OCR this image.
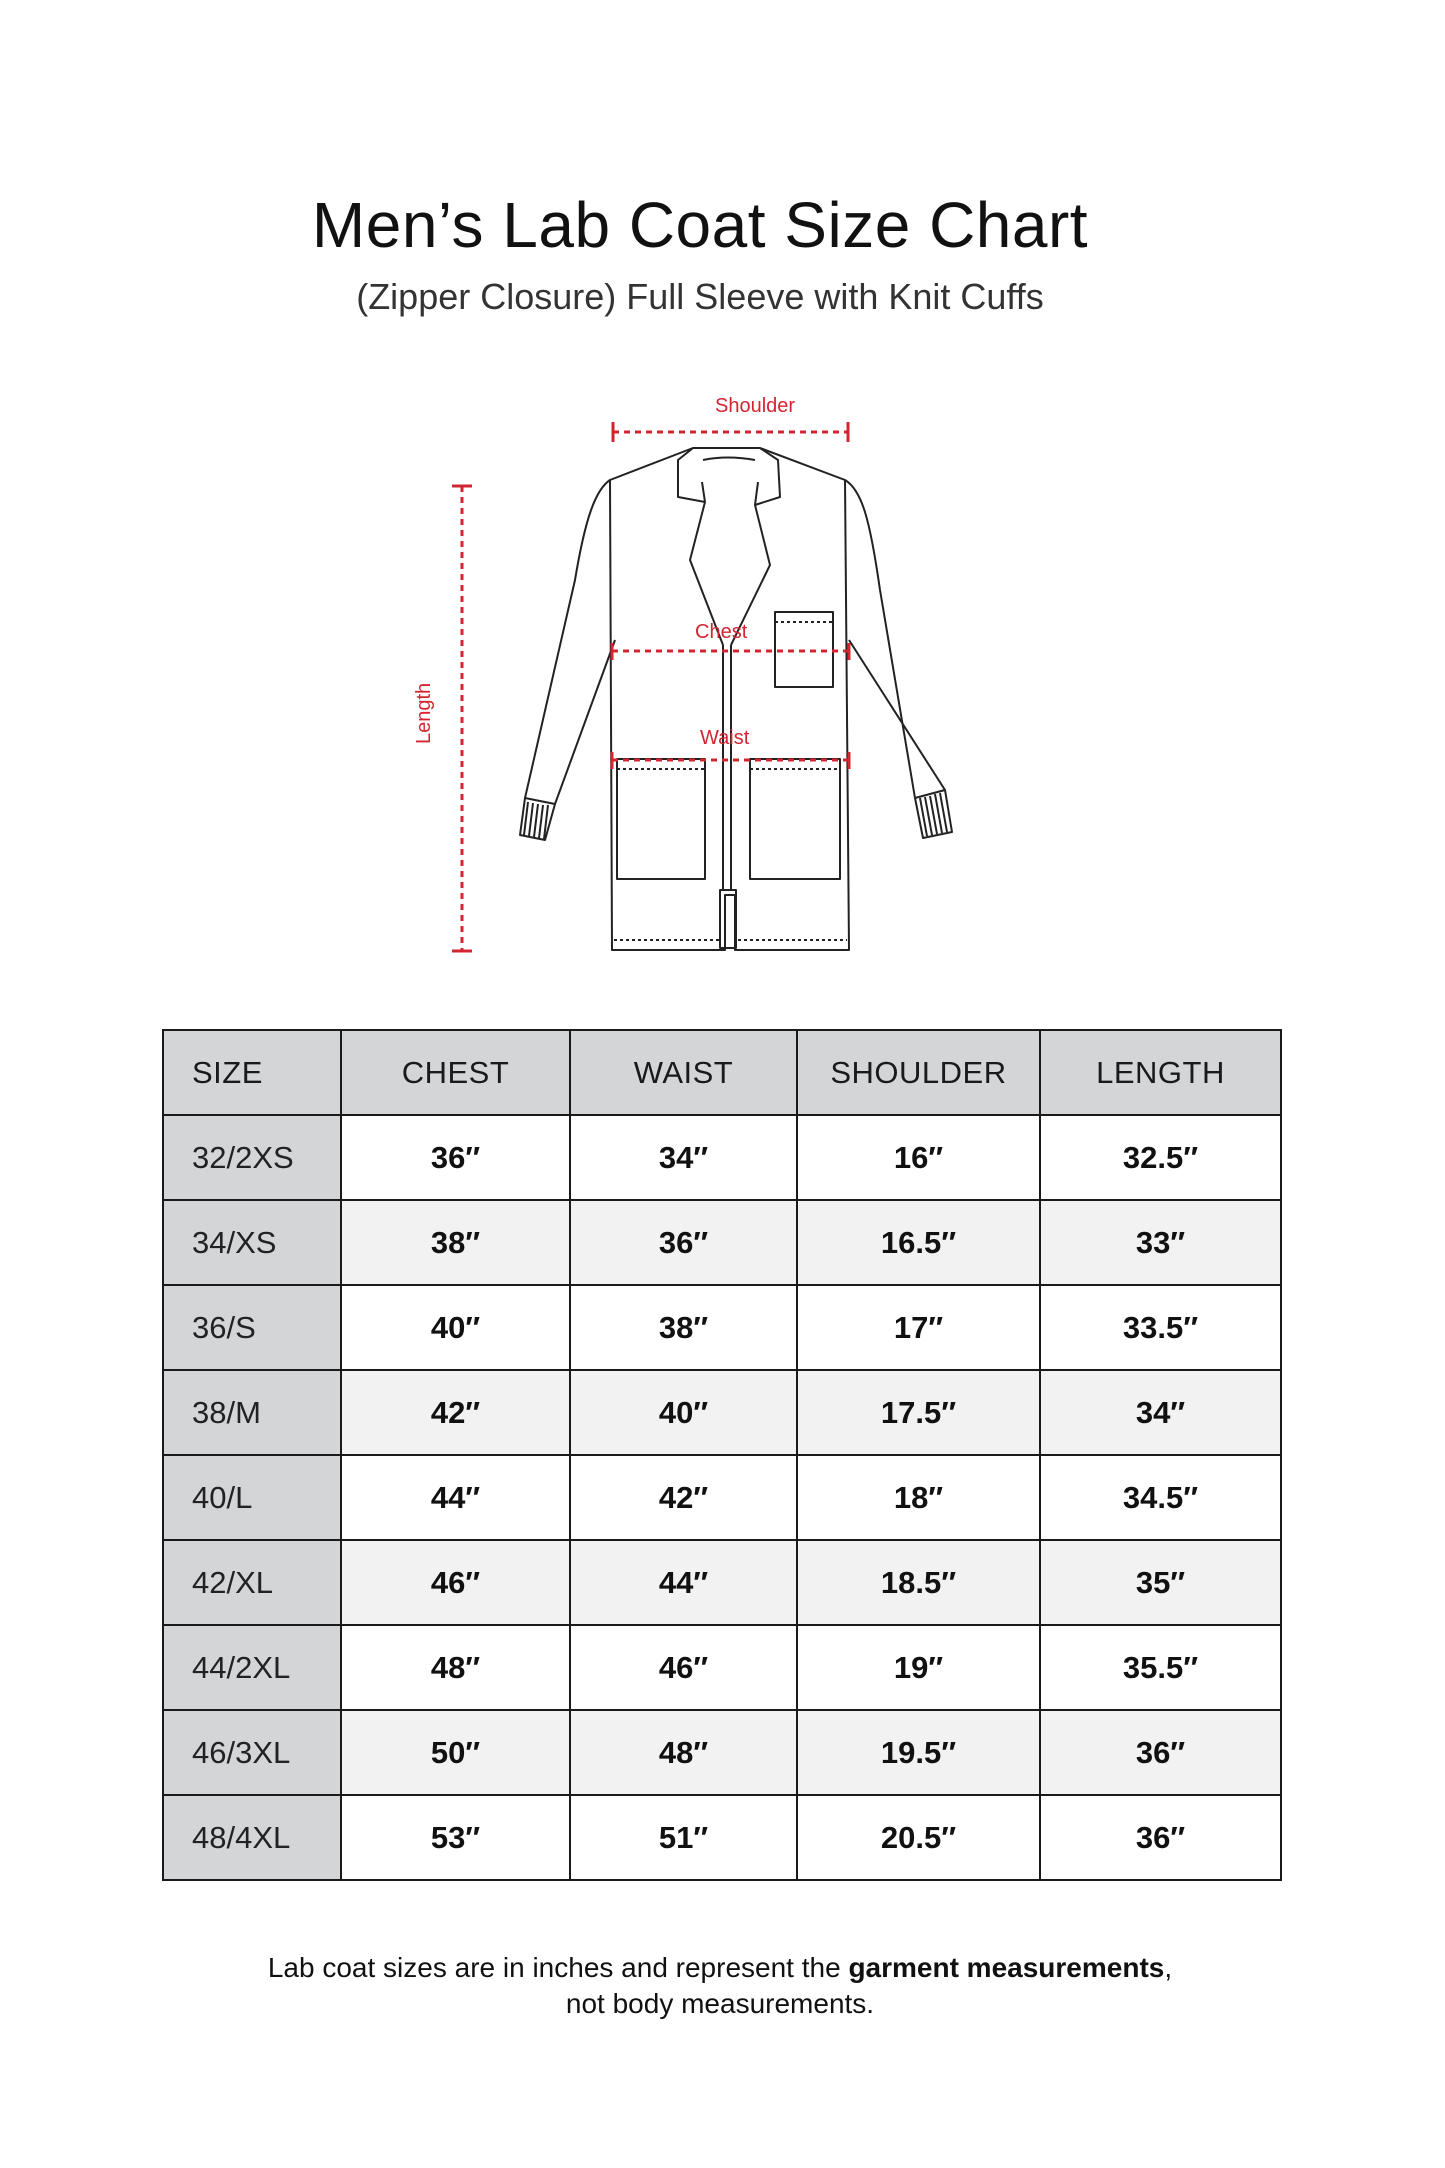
Men’s Lab Coat Size Chart
(Zipper Closure) Full Sleeve with Knit Cuffs
Shoulder
Chest
Waist
Length
SIZE	CHEST	WAIST	SHOULDER	LENGTH
32/2XS	36″	34″	16″	32.5″
34/XS	38″	36″	16.5″	33″
36/S	40″	38″	17″	33.5″
38/M	42″	40″	17.5″	34″
40/L	44″	42″	18″	34.5″
42/XL	46″	44″	18.5″	35″
44/2XL	48″	46″	19″	35.5″
46/3XL	50″	48″	19.5″	36″
48/4XL	53″	51″	20.5″	36″
Lab coat sizes are in inches and represent the garment measurements,
not body measurements.
